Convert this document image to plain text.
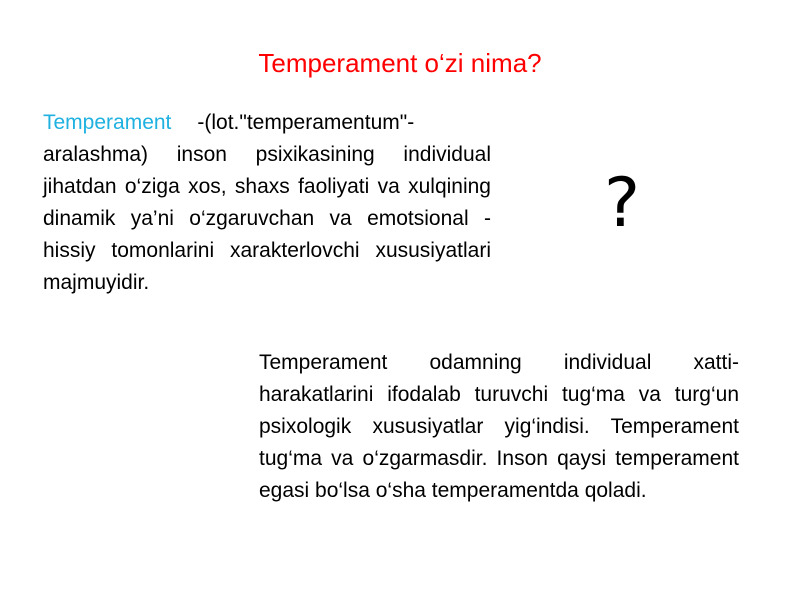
Temperament o‘zi nima?

Temperament -(lot."temperamentum"- aralashma) inson psixikasining individual jihatdan o‘ziga xos, shaxs faoliyati va xulqining dinamik ya’ni o‘zgaruvchan va emotsional - hissiy tomonlarini xarakterlovchi xususiyatlari majmuyidir.

?

Temperament odamning individual xatti-harakatlarini ifodalab turuvchi tug‘ma va turg‘un psixologik xususiyatlar yig‘indisi. Temperament tug‘ma va o‘zgarmasdir. Inson qaysi temperament egasi bo‘lsa o‘sha temperamentda qoladi.
